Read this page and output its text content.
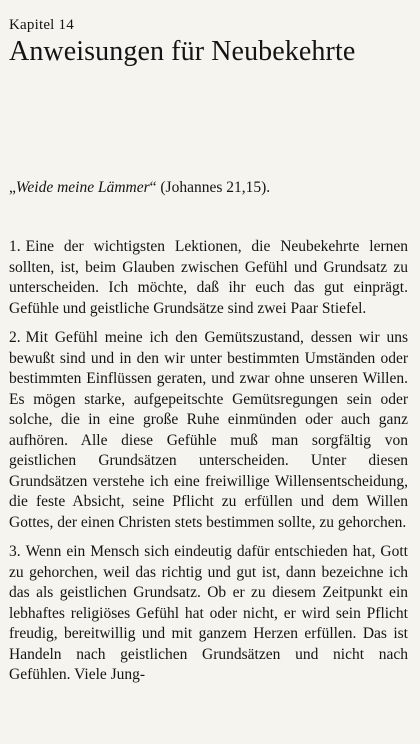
Kapitel 14
Anweisungen für Neubekehrte

„Weide meine Lämmer“ (Johannes 21,15).

1. Eine der wichtigsten Lektionen, die Neubekehrte lernen sollten, ist, beim Glauben zwischen Gefühl und Grundsatz zu unterscheiden. Ich möchte, daß ihr euch das gut einprägt. Gefühle und geistliche Grundsätze sind zwei Paar Stiefel.

2. Mit Gefühl meine ich den Gemütszustand, dessen wir uns bewußt sind und in den wir unter bestimmten Umständen oder bestimmten Einflüssen geraten, und zwar ohne unseren Willen. Es mögen starke, aufgepeitschte Gemütsregungen sein oder solche, die in eine große Ruhe einmünden oder auch ganz aufhören. Alle diese Gefühle muß man sorgfältig von geistlichen Grundsätzen unterscheiden. Unter diesen Grundsätzen verstehe ich eine freiwillige Willensentscheidung, die feste Absicht, seine Pflicht zu erfüllen und dem Willen Gottes, der einen Christen stets bestimmen sollte, zu gehorchen.

3. Wenn ein Mensch sich eindeutig dafür entschieden hat, Gott zu gehorchen, weil das richtig und gut ist, dann bezeichne ich das als geistlichen Grundsatz. Ob er zu diesem Zeitpunkt ein lebhaftes religiöses Gefühl hat oder nicht, er wird sein Pflicht freudig, bereitwillig und mit ganzem Herzen erfüllen. Das ist Handeln nach geistlichen Grundsätzen und nicht nach Gefühlen. Viele Jung-
